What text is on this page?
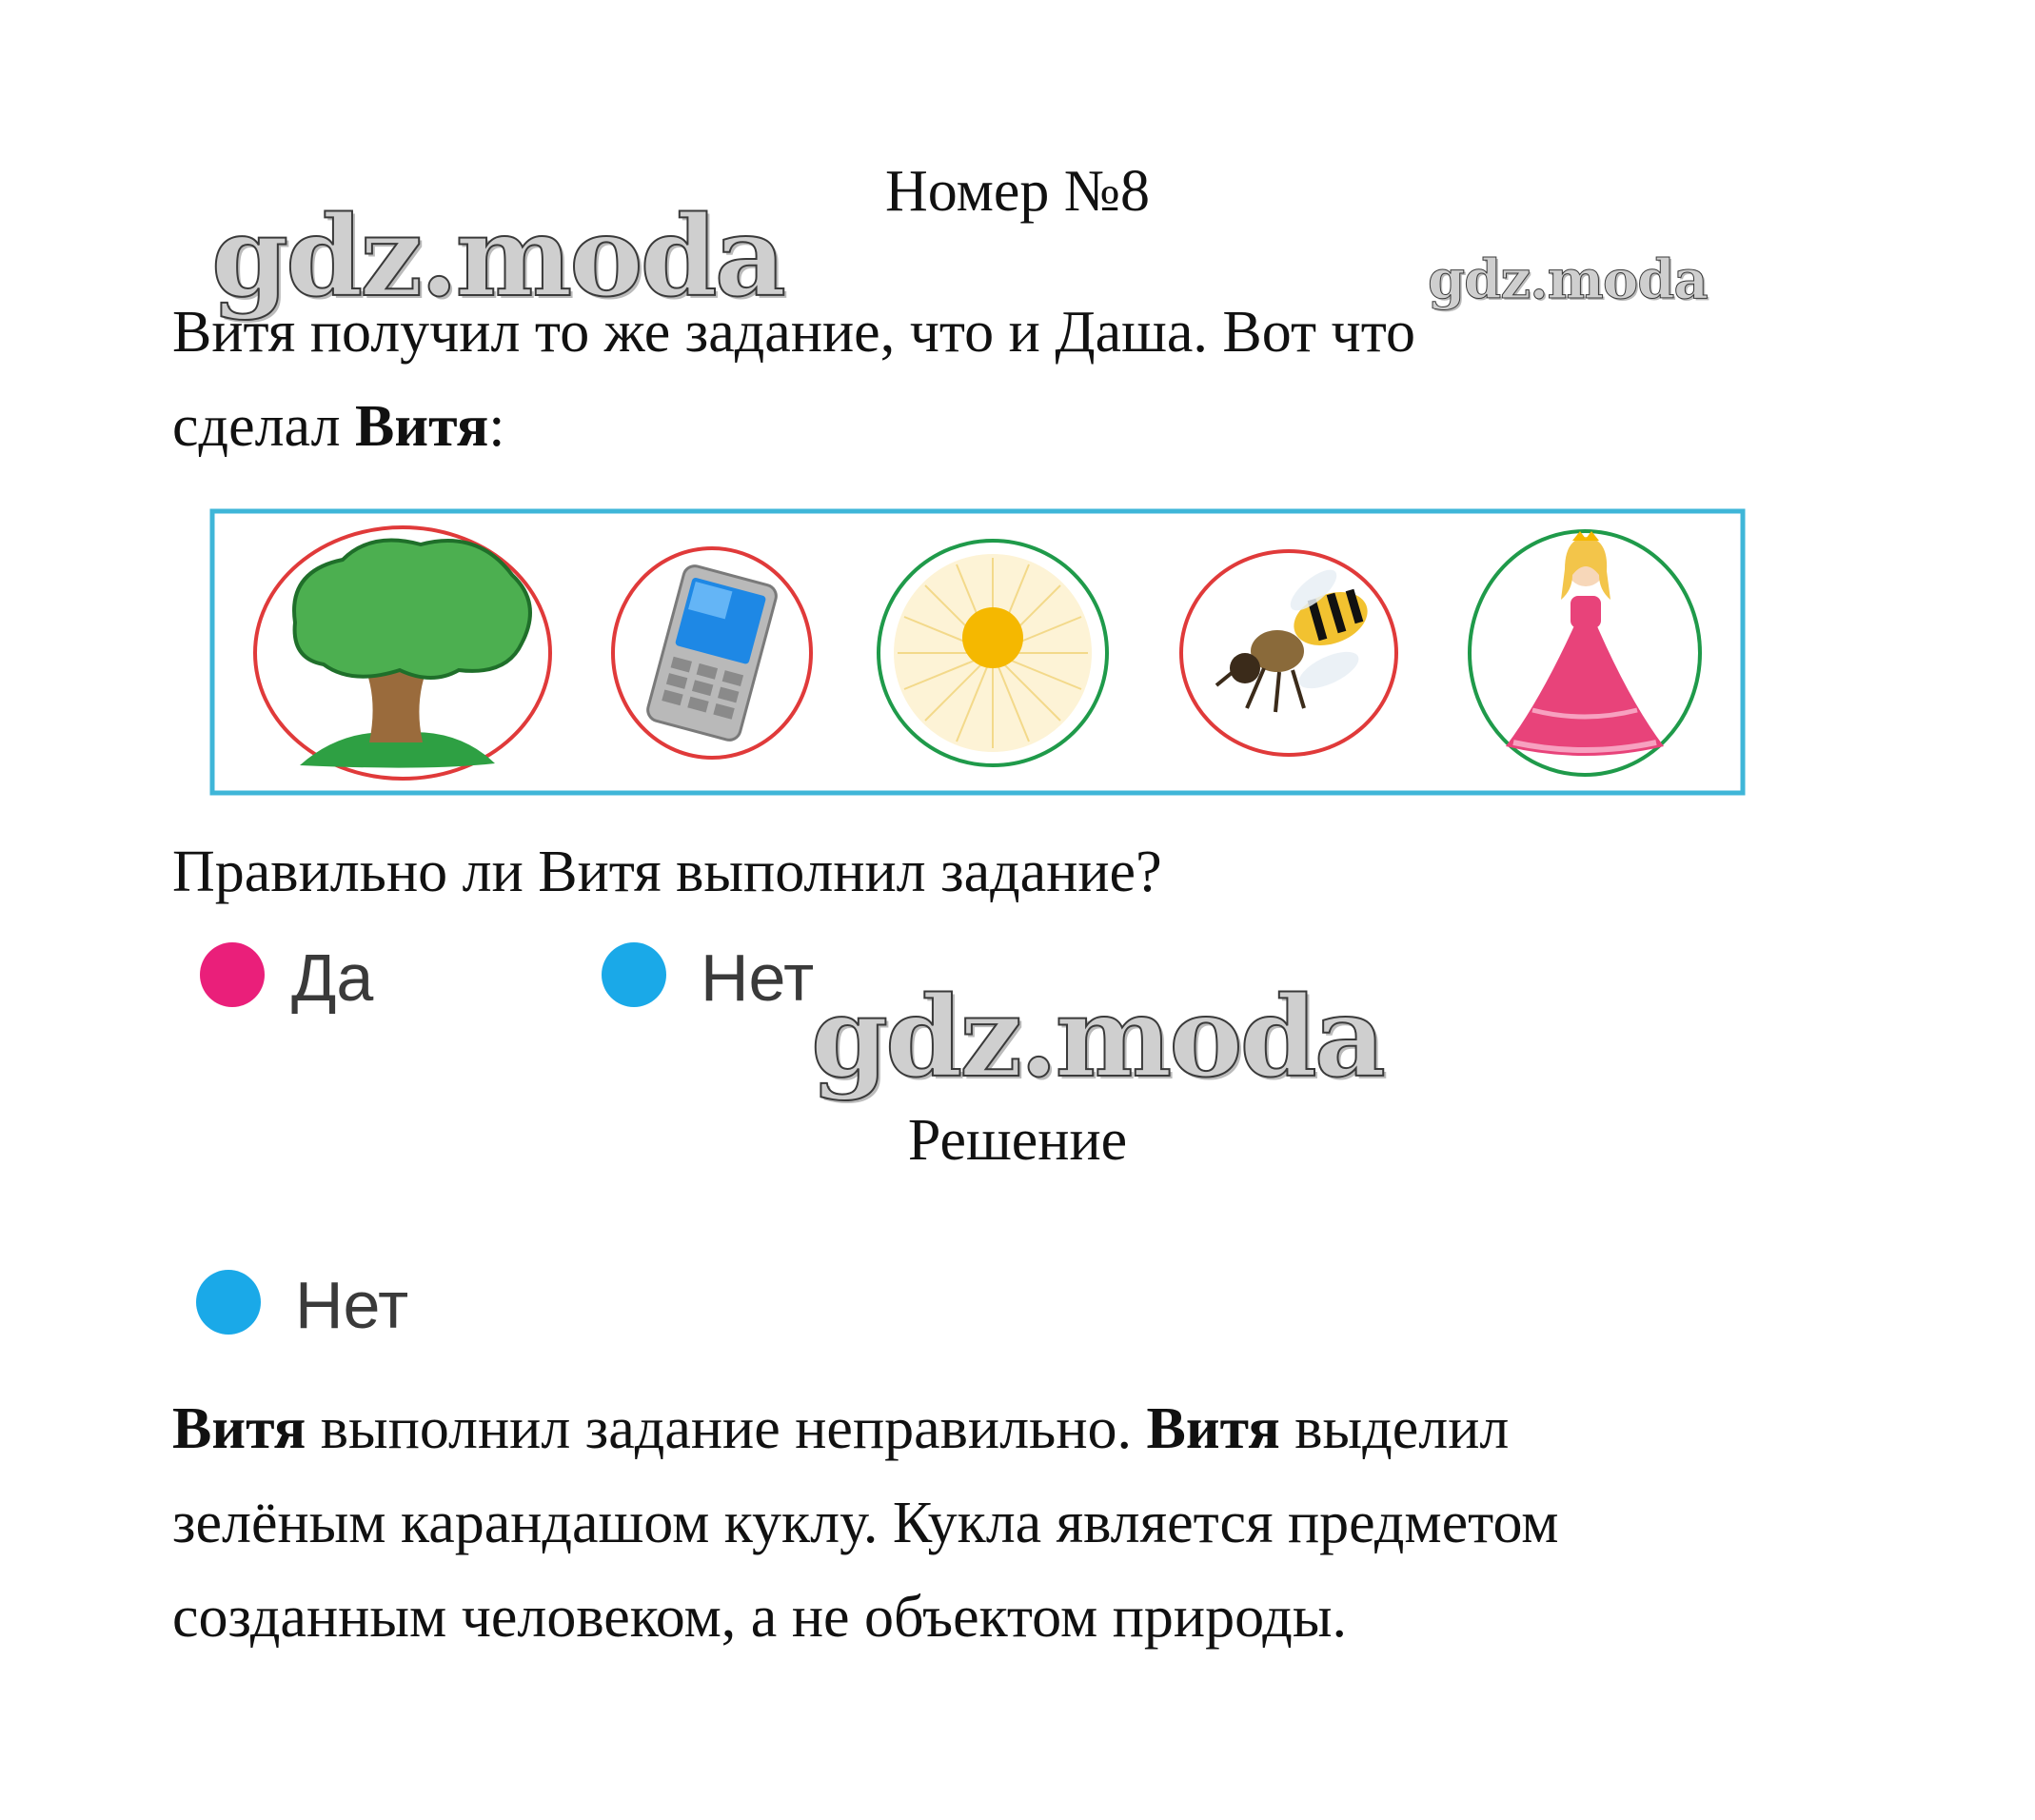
Номер №8
gdz.moda	gdz.moda

Витя получил то же задание, что и Даша. Вот что
сделал Витя:

Правильно ли Витя выполнил задание?
Да	Нет
gdz.moda
Решение
Нет

Витя выполнил задание неправильно. Витя выделил
зелёным карандашом куклу. Кукла является предметом
созданным человеком, а не объектом природы.
